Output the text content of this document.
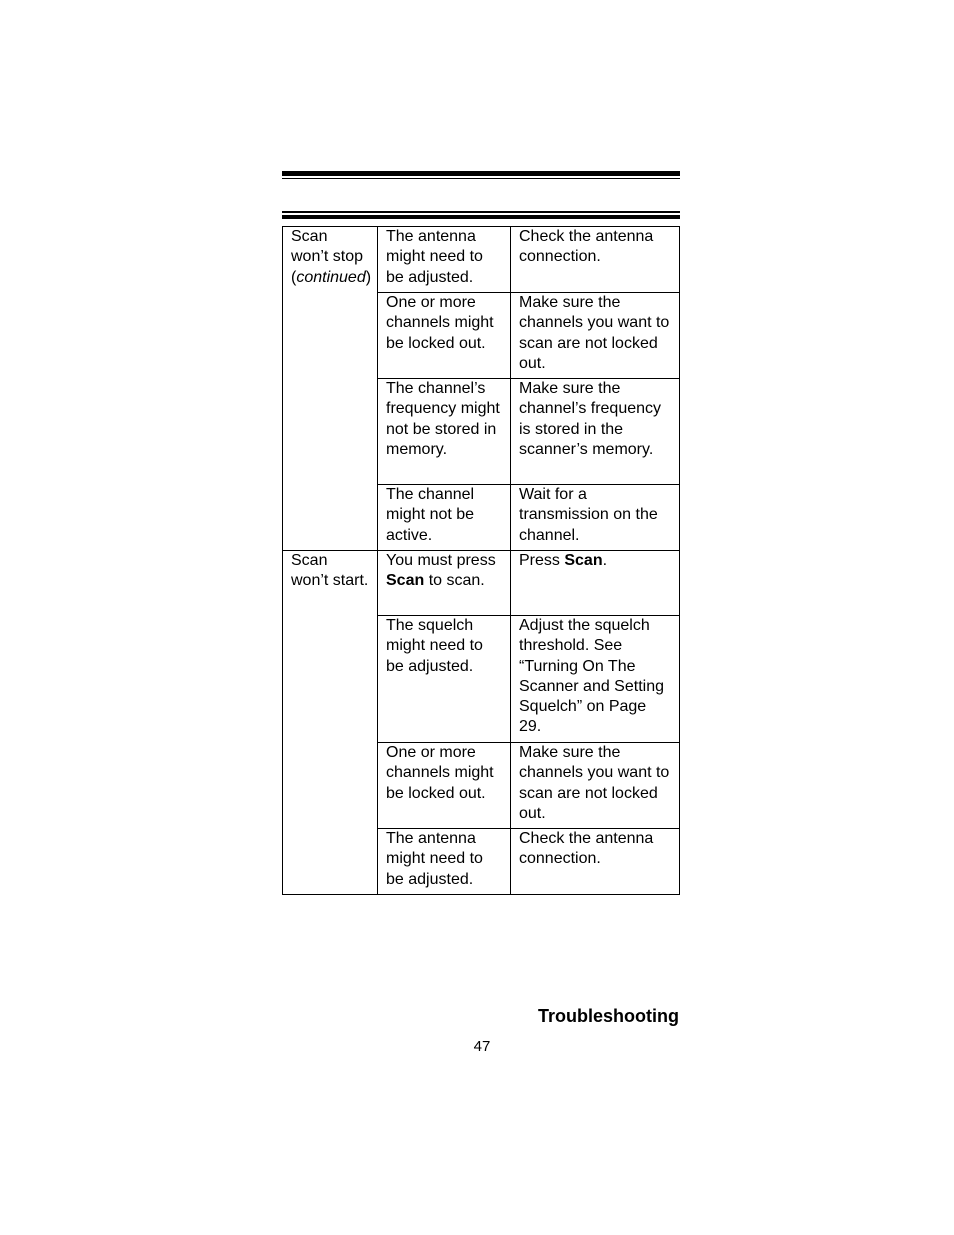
Scan won’t stop (continued)	The antenna might need to be adjusted.	Check the antenna connection.
	One or more channels might be locked out.	Make sure the channels you want to scan are not locked out.
	The channel’s frequency might not be stored in memory.	Make sure the channel’s frequency is stored in the scanner’s memory.
	The channel might not be active.	Wait for a transmission on the channel.
Scan won’t start.	You must press Scan to scan.	Press Scan.
	The squelch might need to be adjusted.	Adjust the squelch threshold. See “Turning On The Scanner and Setting Squelch” on Page 29.
	One or more channels might be locked out.	Make sure the channels you want to scan are not locked out.
	The antenna might need to be adjusted.	Check the antenna connection.
Troubleshooting
47
